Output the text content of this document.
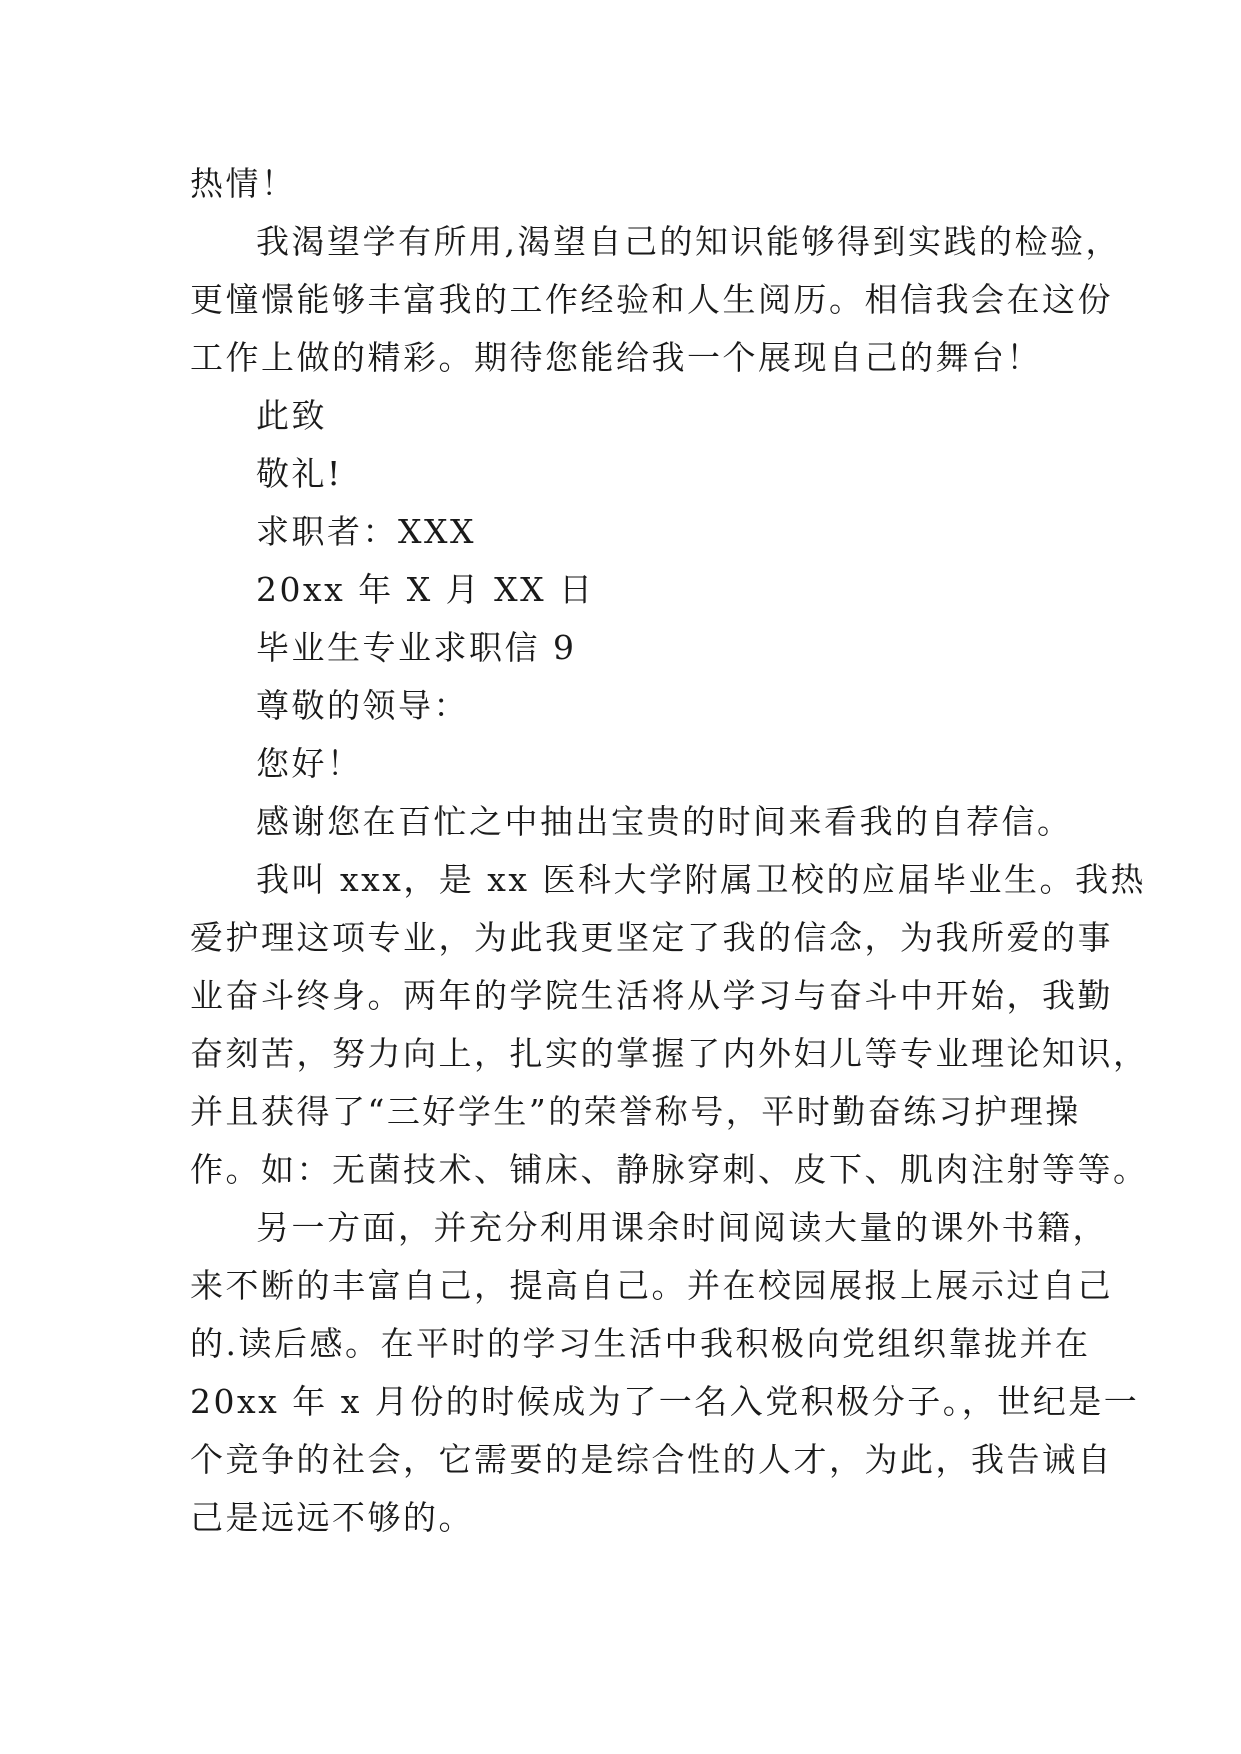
热情！
我渴望学有所用,渴望自己的知识能够得到实践的检验，
更憧憬能够丰富我的工作经验和人生阅历。相信我会在这份
工作上做的精彩。期待您能给我一个展现自己的舞台！
此致
敬礼!
求职者：XXX
20xx 年 X 月 XX 日
毕业生专业求职信 9
尊敬的领导：
您好！
感谢您在百忙之中抽出宝贵的时间来看我的自荐信。
我叫 xxx，是 xx 医科大学附属卫校的应届毕业生。我热
爱护理这项专业，为此我更坚定了我的信念，为我所爱的事
业奋斗终身。两年的学院生活将从学习与奋斗中开始，我勤
奋刻苦，努力向上，扎实的掌握了内外妇儿等专业理论知识，
并且获得了“三好学生”的荣誉称号，平时勤奋练习护理操
作。如：无菌技术、铺床、静脉穿刺、皮下、肌肉注射等等。
另一方面，并充分利用课余时间阅读大量的课外书籍，
来不断的丰富自己，提高自己。并在校园展报上展示过自己
的.读后感。在平时的学习生活中我积极向党组织靠拢并在
20xx 年 x 月份的时候成为了一名入党积极分子。，世纪是一
个竞争的社会，它需要的是综合性的人才，为此，我告诫自
己是远远不够的。
